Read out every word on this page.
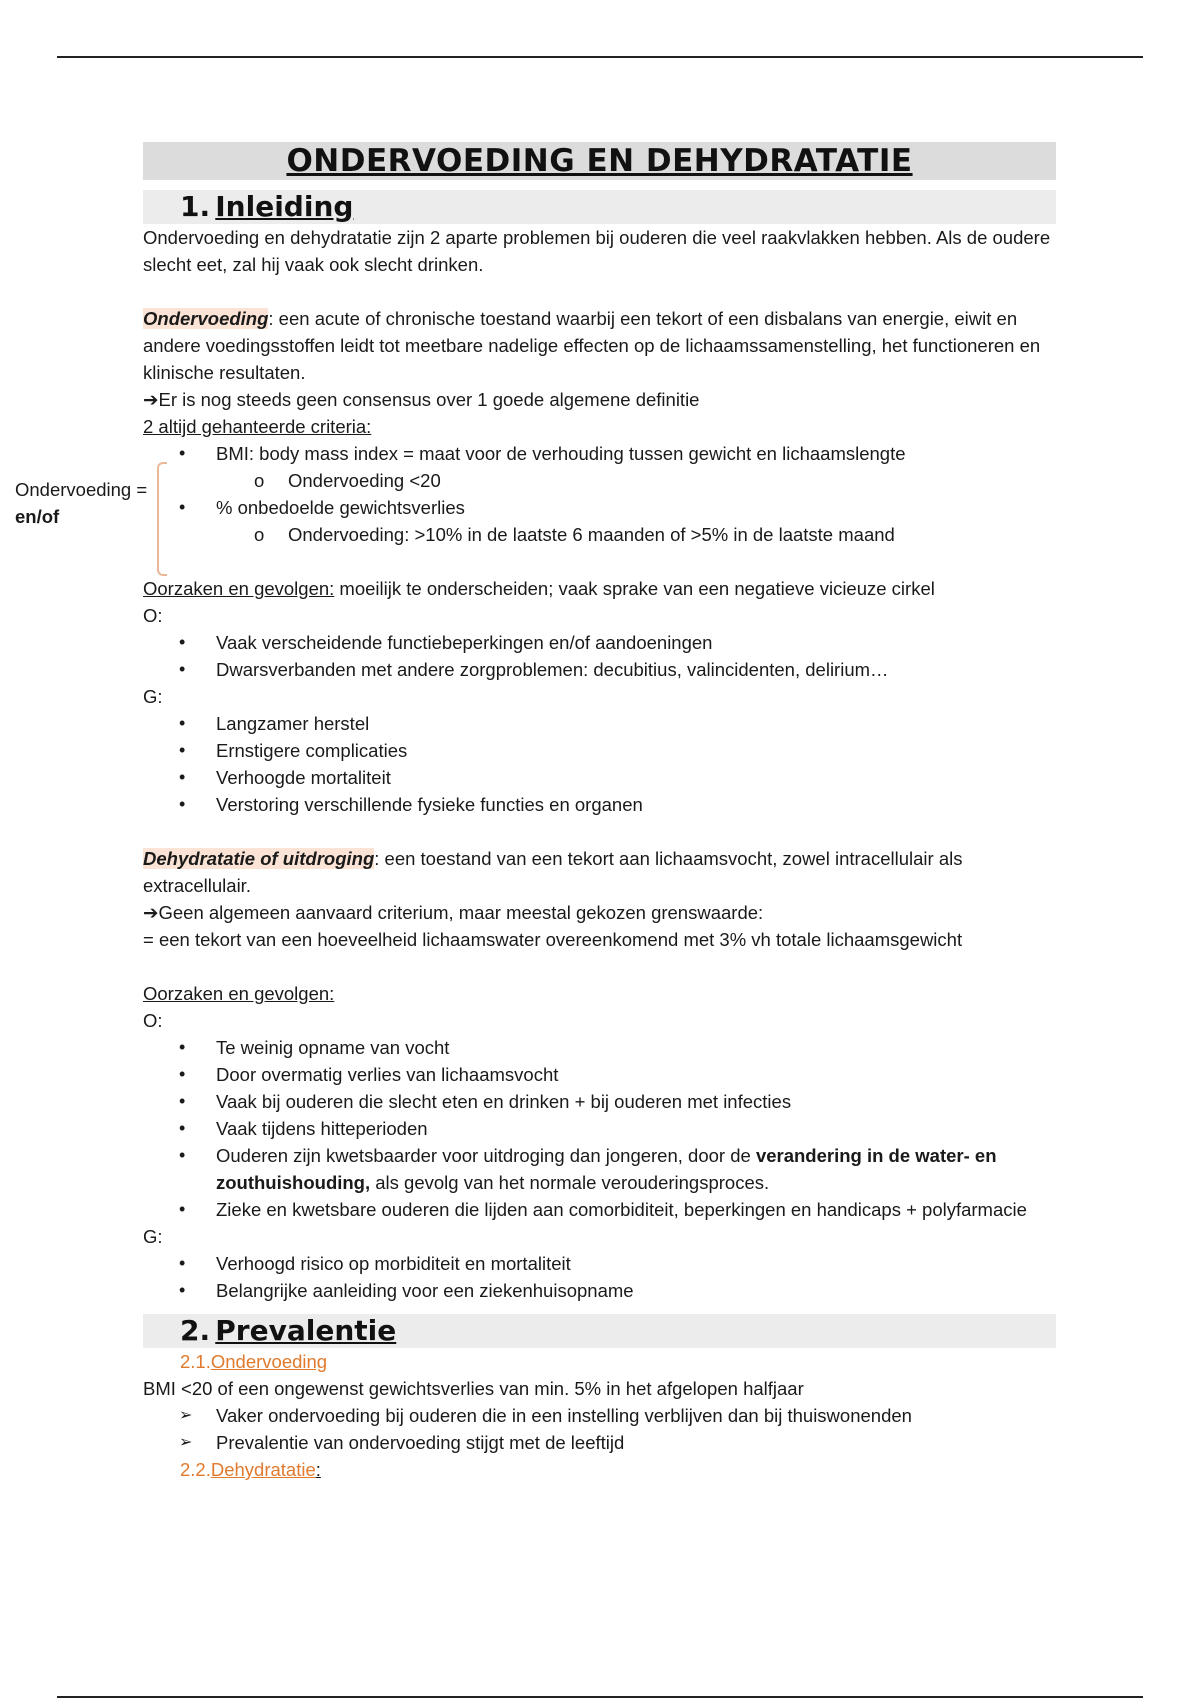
Ondervoeding =
en/of
ONDERVOEDING EN DEHYDRATATIE
1. Inleiding

Ondervoeding en dehydratatie zijn 2 aparte problemen bij ouderen die veel raakvlakken hebben. Als de oudere slecht eet, zal hij vaak ook slecht drinken.

Ondervoeding: een acute of chronische toestand waarbij een tekort of een disbalans van energie, eiwit en andere voedingsstoffen leidt tot meetbare nadelige effecten op de lichaamssamenstelling, het functioneren en klinische resultaten.

➔Er is nog steeds geen consensus over 1 goede algemene definitie

2 altijd gehanteerde criteria:

• BMI: body mass index = maat voor de verhouding tussen gewicht en lichaamslengte
o Ondervoeding <20
• % onbedoelde gewichtsverlies
o Ondervoeding: >10% in de laatste 6 maanden of >5% in de laatste maand

Oorzaken en gevolgen: moeilijk te onderscheiden; vaak sprake van een negatieve vicieuze cirkel

O:

• Vaak verscheidende functiebeperkingen en/of aandoeningen
• Dwarsverbanden met andere zorgproblemen: decubitius, valincidenten, delirium…

G:

• Langzamer herstel
• Ernstigere complicaties
• Verhoogde mortaliteit
• Verstoring verschillende fysieke functies en organen

Dehydratatie of uitdroging: een toestand van een tekort aan lichaamsvocht, zowel intracellulair als extracellulair.

➔Geen algemeen aanvaard criterium, maar meestal gekozen grenswaarde:

= een tekort van een hoeveelheid lichaamswater overeenkomend met 3% vh totale lichaamsgewicht

Oorzaken en gevolgen:

O:

• Te weinig opname van vocht
• Door overmatig verlies van lichaamsvocht
• Vaak bij ouderen die slecht eten en drinken + bij ouderen met infecties
• Vaak tijdens hitteperioden
• Ouderen zijn kwetsbaarder voor uitdroging dan jongeren, door de verandering in de water- en zouthuishouding, als gevolg van het normale verouderingsproces.
• Zieke en kwetsbare ouderen die lijden aan comorbiditeit, beperkingen en handicaps + polyfarmacie

G:

• Verhoogd risico op morbiditeit en mortaliteit
• Belangrijke aanleiding voor een ziekenhuisopname
2. Prevalentie

2.1.Ondervoeding

BMI <20 of een ongewenst gewichtsverlies van min. 5% in het afgelopen halfjaar

➢ Vaker ondervoeding bij ouderen die in een instelling verblijven dan bij thuiswonenden
➢ Prevalentie van ondervoeding stijgt met de leeftijd

2.2.Dehydratatie:
